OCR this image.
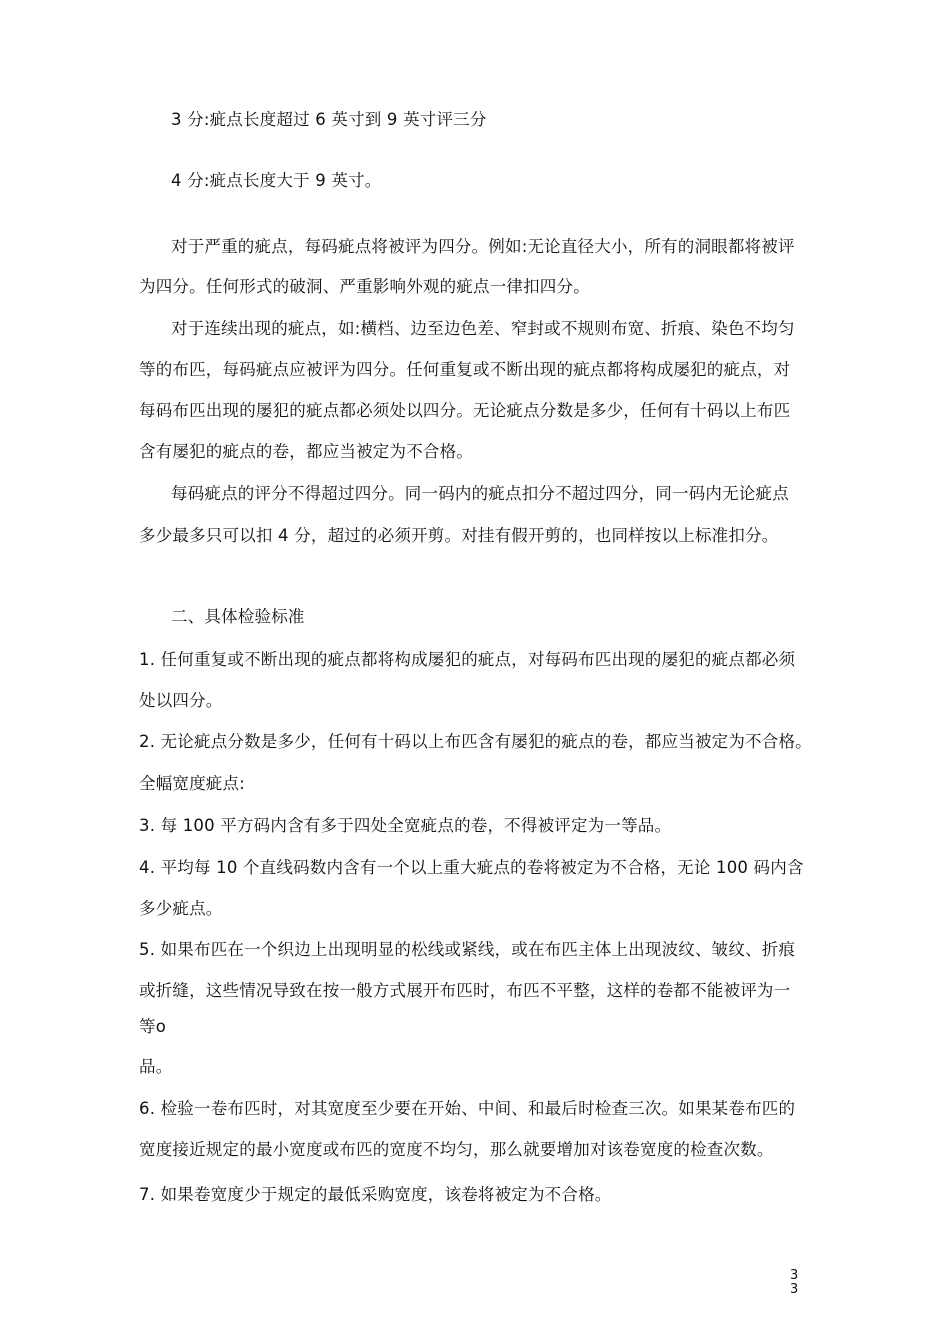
3 分:疵点长度超过 6 英寸到 9 英寸评三分
4 分:疵点长度大于 9 英寸。
对于严重的疵点，每码疵点将被评为四分。例如:无论直径大小，所有的洞眼都将被评
为四分。任何形式的破洞、严重影响外观的疵点一律扣四分。
对于连续出现的疵点，如:横档、边至边色差、窄封或不规则布宽、折痕、染色不均匀
等的布匹，每码疵点应被评为四分。任何重复或不断出现的疵点都将构成屡犯的疵点，对
每码布匹出现的屡犯的疵点都必须处以四分。无论疵点分数是多少，任何有十码以上布匹
含有屡犯的疵点的卷，都应当被定为不合格。
每码疵点的评分不得超过四分。同一码内的疵点扣分不超过四分，同一码内无论疵点
多少最多只可以扣 4 分，超过的必须开剪。对挂有假开剪的，也同样按以上标准扣分。
二、具体检验标准
1. 任何重复或不断出现的疵点都将构成屡犯的疵点，对每码布匹出现的屡犯的疵点都必须
处以四分。
2. 无论疵点分数是多少，任何有十码以上布匹含有屡犯的疵点的卷，都应当被定为不合格。
全幅宽度疵点:
3. 每 100 平方码内含有多于四处全宽疵点的卷，不得被评定为一等品。
4. 平均每 10 个直线码数内含有一个以上重大疵点的卷将被定为不合格，无论 100 码内含
多少疵点。
5. 如果布匹在一个织边上出现明显的松线或紧线，或在布匹主体上出现波纹、皱纹、折痕
或折缝，这些情况导致在按一般方式展开布匹时，布匹不平整，这样的卷都不能被评为一
等o
品。
6. 检验一卷布匹时，对其宽度至少要在开始、中间、和最后时检查三次。如果某卷布匹的
宽度接近规定的最小宽度或布匹的宽度不均匀，那么就要增加对该卷宽度的检查次数。
7. 如果卷宽度少于规定的最低采购宽度，该卷将被定为不合格。
3
3
